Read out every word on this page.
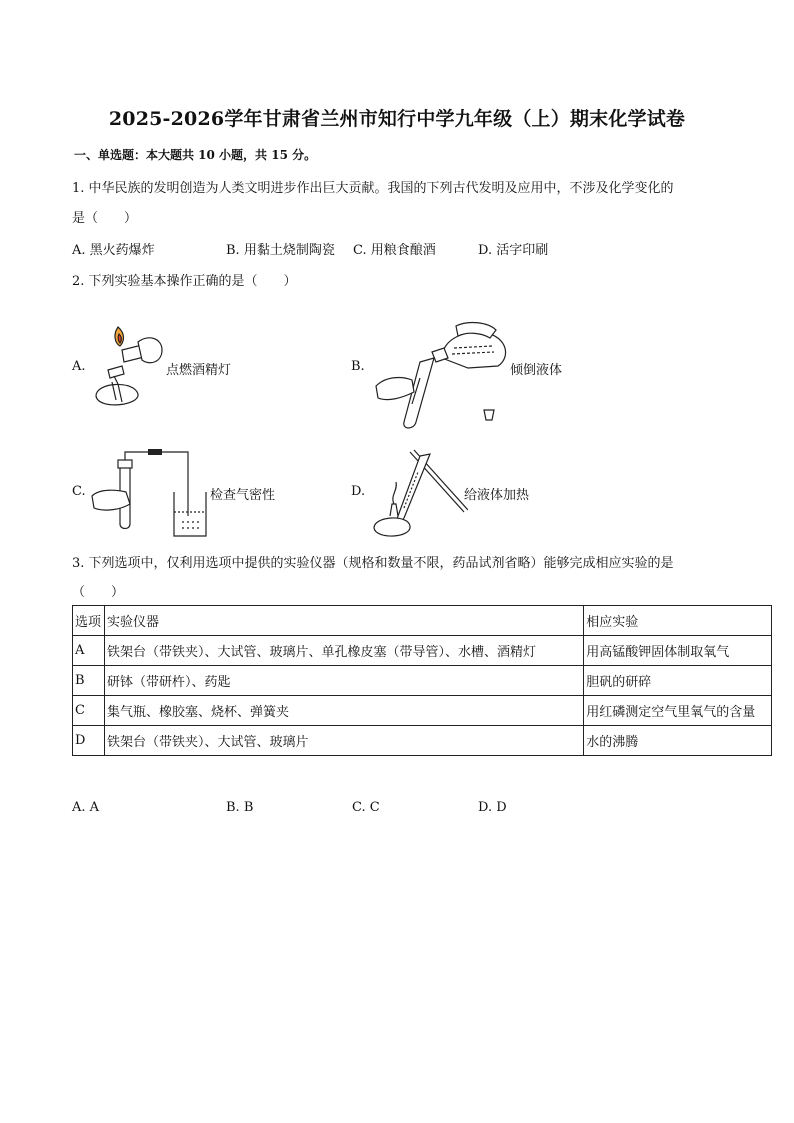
2025-2026学年甘肃省兰州市知行中学九年级（上）期末化学试卷
一、单选题：本大题共 10 小题，共 15 分。
1. 中华民族的发明创造为人类文明进步作出巨大贡献。我国的下列古代发明及应用中，不涉及化学变化的
是（　　）
A. 黑火药爆炸	B. 用黏土烧制陶瓷 C. 用粮食酿酒	D. 活字印刷
2. 下列实验基本操作正确的是（　　）
A.	点燃酒精灯	B.	倾倒液体
C.	检查气密性	D.	给液体加热
3. 下列选项中，仅利用选项中提供的实验仪器（规格和数量不限，药品试剂省略）能够完成相应实验的是
（　　）
选项	实验仪器	相应实验
A	铁架台（带铁夹）、大试管、玻璃片、单孔橡皮塞（带导管）、水槽、酒精灯	用高锰酸钾固体制取氧气
B	研钵（带研杵）、药匙	胆矾的研碎
C	集气瓶、橡胶塞、烧杯、弹簧夹	用红磷测定空气里氧气的含量
D	铁架台（带铁夹）、大试管、玻璃片	水的沸腾
A. A	B. B	C. C	D. D
